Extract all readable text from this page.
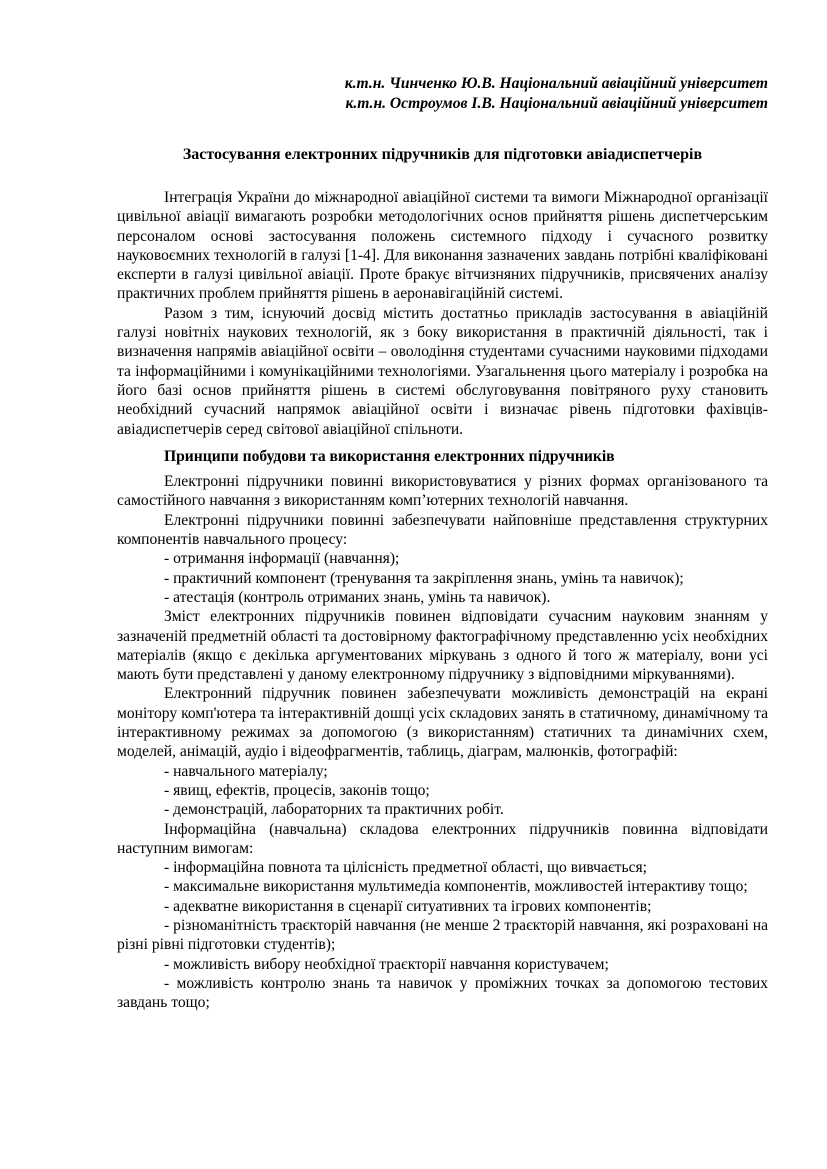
к.т.н. Чинченко Ю.В. Національний авіаційний університет
к.т.н. Остроумов І.В. Національний авіаційний університет
Застосування електронних підручників для підготовки авіадиспетчерів

Інтеграція України до міжнародної авіаційної системи та вимоги Міжнародної організації цивільної авіації вимагають розробки методологічних основ прийняття рішень диспетчерським персоналом основі застосування положень системного підходу і сучасного розвитку науковоємних технологій в галузі [1-4]. Для виконання зазначених завдань потрібні кваліфіковані експерти в галузі цивільної авіації. Проте бракує вітчизняних підручників, присвячених аналізу практичних проблем прийняття рішень в аеронавігаційній системі.

Разом з тим, існуючий досвід містить достатньо прикладів застосування в авіаційній галузі новітніх наукових технологій, як з боку використання в практичній діяльності, так і визначення напрямів авіаційної освіти – оволодіння студентами сучасними науковими підходами та інформаційними і комунікаційними технологіями. Узагальнення цього матеріалу і розробка на його базі основ прийняття рішень в системі обслуговування повітряного руху становить необхідний сучасний напрямок авіаційної освіти і визначає рівень підготовки фахівців-авіадиспетчерів серед світової авіаційної спільноти.

Принципи побудови та використання електронних підручників

Електронні підручники повинні використовуватися у різних формах організованого та самостійного навчання з використанням комп’ютерних технологій навчання.

Електронні підручники повинні забезпечувати найповніше представлення структурних компонентів навчального процесу:

- отримання інформації (навчання);
- практичний компонент (тренування та закріплення знань, умінь та навичок);
- атестація (контроль отриманих знань, умінь та навичок).

Зміст електронних підручників повинен відповідати сучасним науковим знанням у зазначеній предметній області та достовірному фактографічному представленню усіх необхідних матеріалів (якщо є декілька аргументованих міркувань з одного й того ж матеріалу, вони усі мають бути представлені у даному електронному підручнику з відповідними міркуваннями).

Електронний підручник повинен забезпечувати можливість демонстрацій на екрані монітору комп'ютера та інтерактивній дошці усіх складових занять в статичному, динамічному та інтерактивному режимах за допомогою (з використанням) статичних та динамічних схем, моделей, анімацій, аудіо і відеофрагментів, таблиць, діаграм, малюнків, фотографій:

- навчального матеріалу;
- явищ, ефектів, процесів, законів тощо;
- демонстрацій, лабораторних та практичних робіт.

Інформаційна (навчальна) складова електронних підручників повинна відповідати наступним вимогам:

- інформаційна повнота та цілісність предметної області, що вивчається;
- максимальне використання мультимедіа компонентів, можливостей інтерактиву тощо;
- адекватне використання в сценарії ситуативних та ігрових компонентів;
- різноманітність траєкторій навчання (не менше 2 траєкторій навчання, які розраховані на різні рівні підготовки студентів);
- можливість вибору необхідної траєкторії навчання користувачем;
- можливість контролю знань та навичок у проміжних точках за допомогою тестових завдань тощо;
